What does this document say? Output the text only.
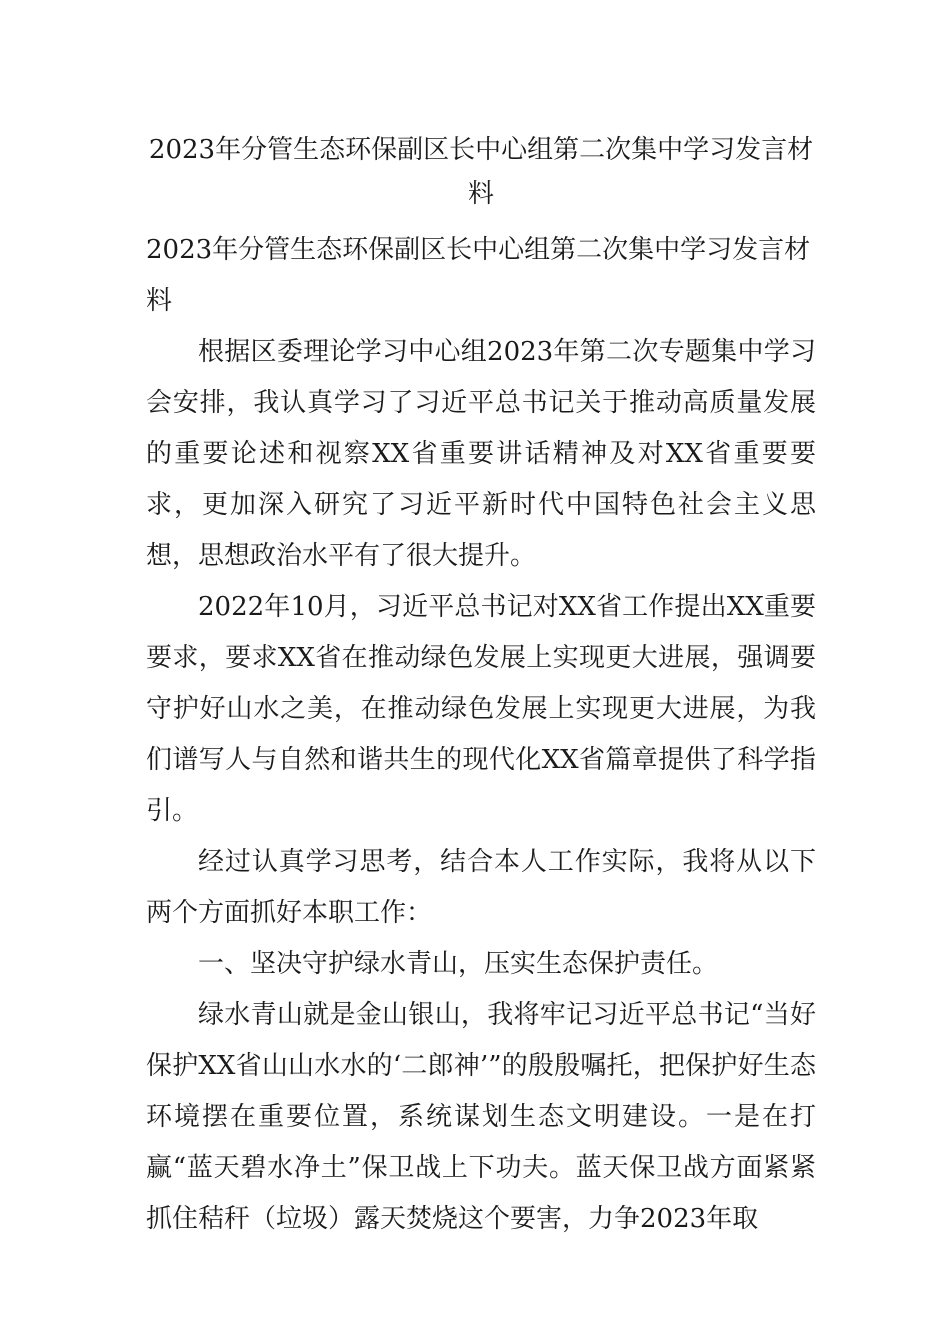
2023年分管生态环保副区长中心组第二次集中学习发言材料

2023年分管生态环保副区长中心组第二次集中学习发言材料

根据区委理论学习中心组2023年第二次专题集中学习会安排，我认真学习了习近平总书记关于推动高质量发展的重要论述和视察XX省重要讲话精神及对XX省重要要求，更加深入研究了习近平新时代中国特色社会主义思想，思想政治水平有了很大提升。

2022年10月，习近平总书记对XX省工作提出XX重要要求，要求XX省在推动绿色发展上实现更大进展，强调要守护好山水之美，在推动绿色发展上实现更大进展，为我们谱写人与自然和谐共生的现代化XX省篇章提供了科学指引。

经过认真学习思考，结合本人工作实际，我将从以下两个方面抓好本职工作：

一、坚决守护绿水青山，压实生态保护责任。

绿水青山就是金山银山，我将牢记习近平总书记“当好保护XX省山山水水的‘二郎神’”的殷殷嘱托，把保护好生态环境摆在重要位置，系统谋划生态文明建设。一是在打赢“蓝天碧水净土”保卫战上下功夫。蓝天保卫战方面紧紧抓住秸秆（垃圾）露天焚烧这个要害，力争2023年取
